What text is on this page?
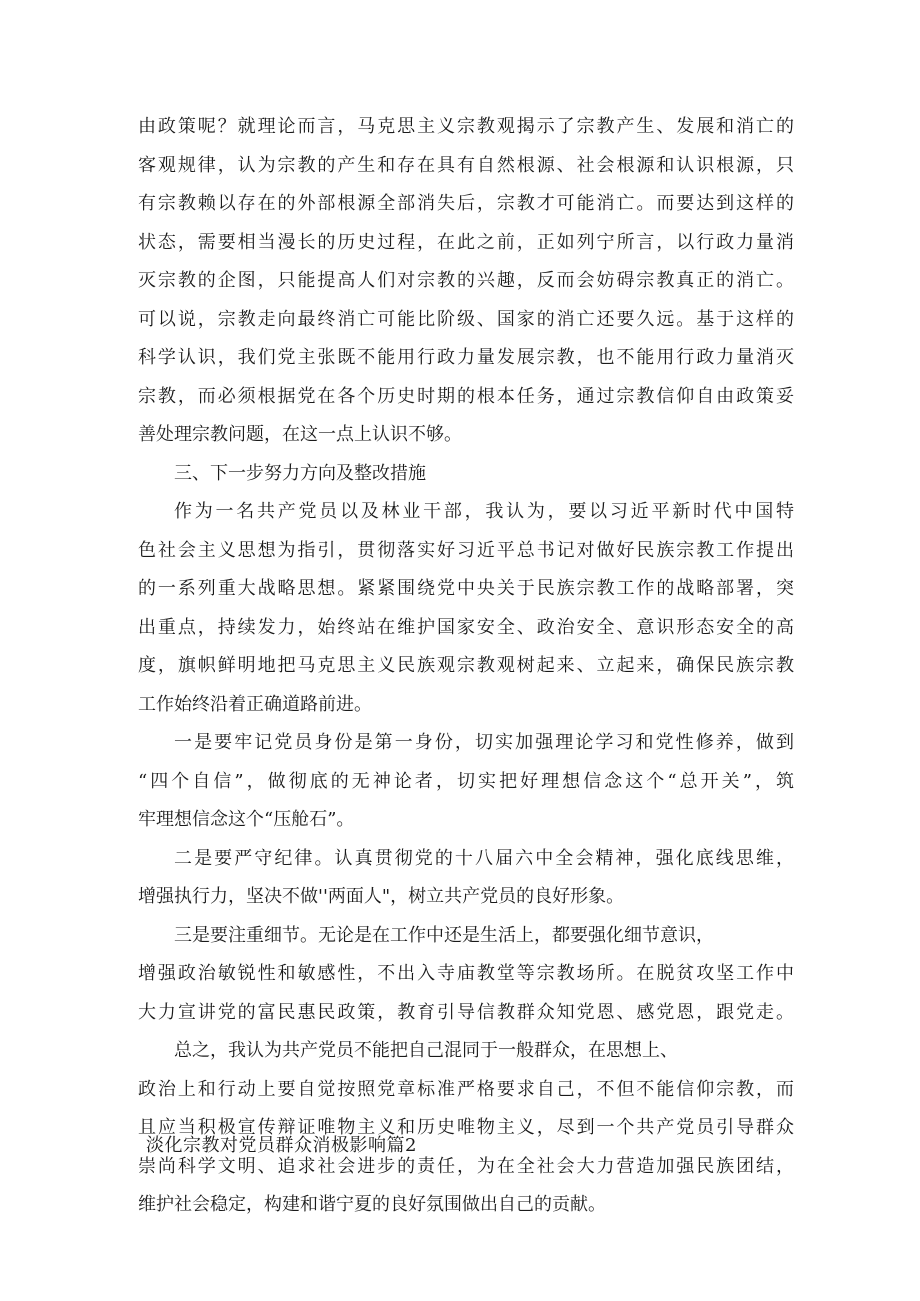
由政策呢？就理论而言，马克思主义宗教观揭示了宗教产生、发展和消亡的
客观规律，认为宗教的产生和存在具有自然根源、社会根源和认识根源，只
有宗教赖以存在的外部根源全部消失后，宗教才可能消亡。而要达到这样的
状态，需要相当漫长的历史过程，在此之前，正如列宁所言，以行政力量消
灭宗教的企图，只能提高人们对宗教的兴趣，反而会妨碍宗教真正的消亡。
可以说，宗教走向最终消亡可能比阶级、国家的消亡还要久远。基于这样的
科学认识，我们党主张既不能用行政力量发展宗教，也不能用行政力量消灭
宗教，而必须根据党在各个历史时期的根本任务，通过宗教信仰自由政策妥
善处理宗教问题，在这一点上认识不够。
三、下一步努力方向及整改措施
作为一名共产党员以及林业干部，我认为，要以习近平新时代中国特
色社会主义思想为指引，贯彻落实好习近平总书记对做好民族宗教工作提出
的一系列重大战略思想。紧紧围绕党中央关于民族宗教工作的战略部署，突
出重点，持续发力，始终站在维护国家安全、政治安全、意识形态安全的高
度，旗帜鲜明地把马克思主义民族观宗教观树起来、立起来，确保民族宗教
工作始终沿着正确道路前进。
一是要牢记党员身份是第一身份，切实加强理论学习和党性修养，做到
“四个自信”，做彻底的无神论者，切实把好理想信念这个“总开关”，筑
牢理想信念这个“压舱石”。
二是要严守纪律。认真贯彻党的十八届六中全会精神，强化底线思维，
增强执行力，坚决不做''两面人"，树立共产党员的良好形象。
三是要注重细节。无论是在工作中还是生活上，都要强化细节意识，
增强政治敏锐性和敏感性，不出入寺庙教堂等宗教场所。在脱贫攻坚工作中
大力宣讲党的富民惠民政策，教育引导信教群众知党恩、感党恩，跟党走。
总之，我认为共产党员不能把自己混同于一般群众，在思想上、
政治上和行动上要自觉按照党章标准严格要求自己，不但不能信仰宗教，而
且应当积极宣传辩证唯物主义和历史唯物主义，尽到一个共产党员引导群众
崇尚科学文明、追求社会进步的责任，为在全社会大力营造加强民族团结，
维护社会稳定，构建和谐宁夏的良好氛围做出自己的贡献。
淡化宗教对党员群众消极影响篇2
